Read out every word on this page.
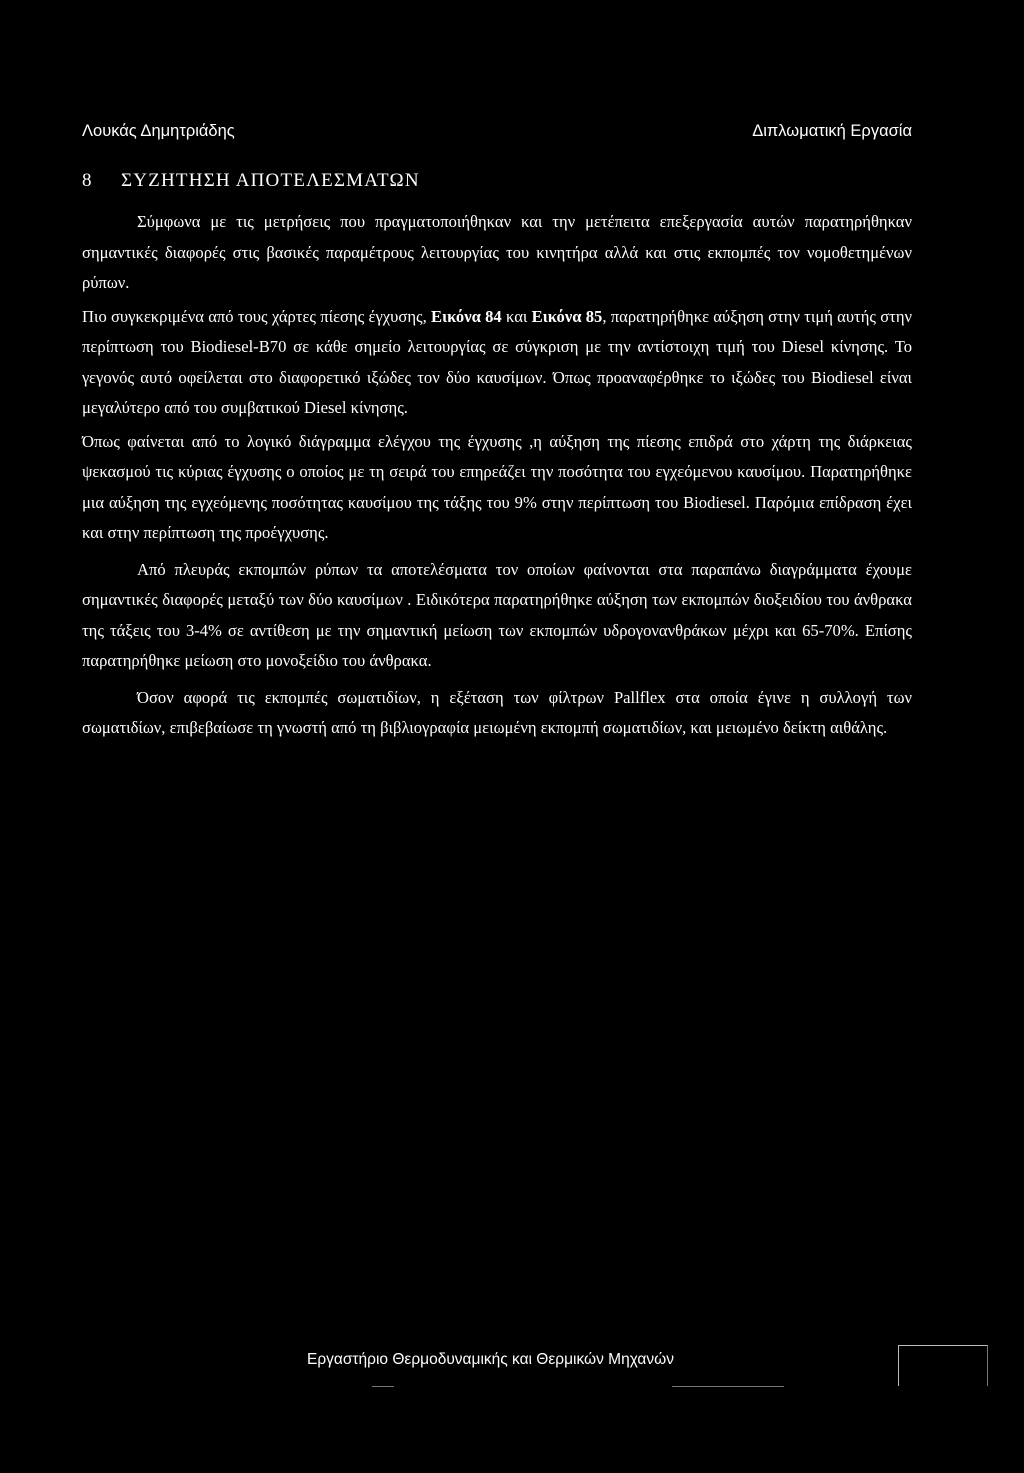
Λουκάς Δημητριάδης	Διπλωματική Εργασία
8 ΣΥΖΗΤΗΣΗ ΑΠΟΤΕΛΕΣΜΑΤΩΝ

Σύμφωνα με τις μετρήσεις που πραγματοποιήθηκαν και την μετέπειτα επεξεργασία αυτών παρατηρήθηκαν σημαντικές διαφορές στις βασικές παραμέτρους λειτουργίας του κινητήρα αλλά και στις εκπομπές τον νομοθετημένων ρύπων.

Πιο συγκεκριμένα από τους χάρτες πίεσης έγχυσης, Εικόνα 84 και Εικόνα 85, παρατηρήθηκε αύξηση στην τιμή αυτής στην περίπτωση του Biodiesel-B70 σε κάθε σημείο λειτουργίας σε σύγκριση με την αντίστοιχη τιμή του Diesel κίνησης. Το γεγονός αυτό οφείλεται στο διαφορετικό ιξώδες τον δύο καυσίμων. Όπως προαναφέρθηκε το ιξώδες του Biodiesel είναι μεγαλύτερο από του συμβατικού Diesel κίνησης.

Όπως φαίνεται από το λογικό διάγραμμα ελέγχου της έγχυσης ,η αύξηση της πίεσης επιδρά στο χάρτη της διάρκειας ψεκασμού τις κύριας έγχυσης ο οποίος με τη σειρά του επηρεάζει την ποσότητα του εγχεόμενου καυσίμου. Παρατηρήθηκε μια αύξηση της εγχεόμενης ποσότητας καυσίμου της τάξης του 9% στην περίπτωση του Biodiesel. Παρόμια επίδραση έχει και στην περίπτωση της προέγχυσης.

Από πλευράς εκπομπών ρύπων τα αποτελέσματα τον οποίων φαίνονται στα παραπάνω διαγράμματα έχουμε σημαντικές διαφορές μεταξύ των δύο καυσίμων . Ειδικότερα παρατηρήθηκε αύξηση των εκπομπών διοξειδίου του άνθρακα της τάξεις του 3-4% σε αντίθεση με την σημαντική μείωση των εκπομπών υδρογονανθράκων μέχρι και 65-70%. Επίσης παρατηρήθηκε μείωση στο μονοξείδιο του άνθρακα.

Όσον αφορά τις εκπομπές σωματιδίων, η εξέταση των φίλτρων Pallflex στα οποία έγινε η συλλογή των σωματιδίων, επιβεβαίωσε τη γνωστή από τη βιβλιογραφία μειωμένη εκπομπή σωματιδίων, και μειωμένο δείκτη αιθάλης.

Εργαστήριο Θερμοδυναμικής και Θερμικών Μηχανών
